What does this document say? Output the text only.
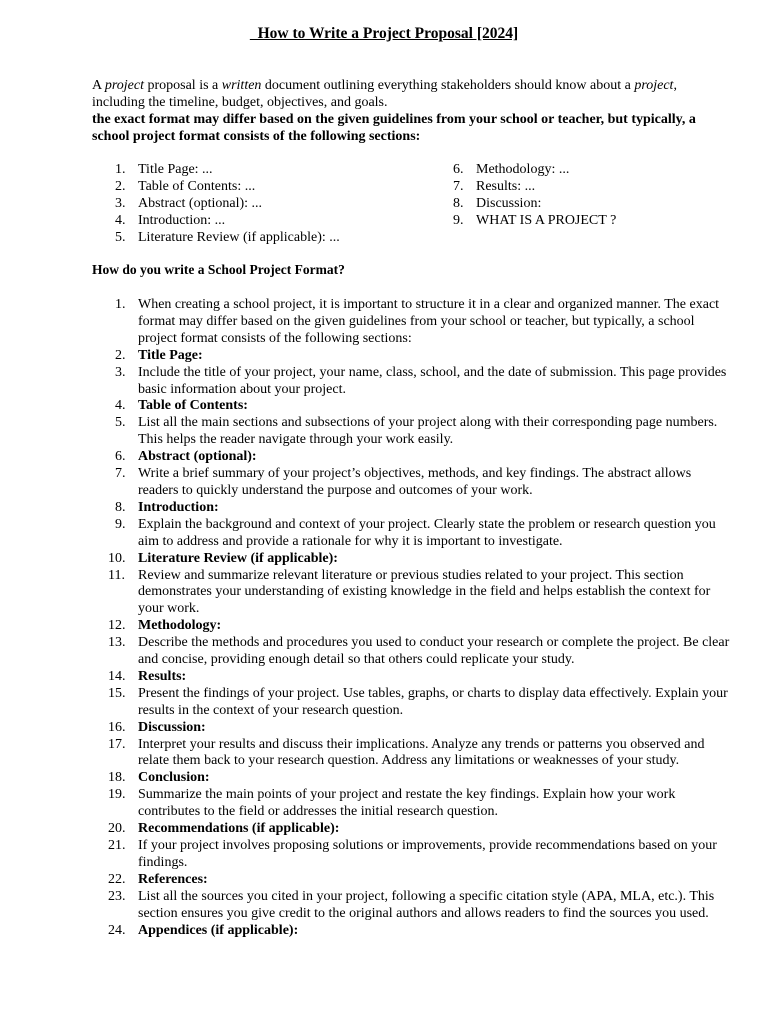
How to Write a Project Proposal [2024]

A project proposal is a written document outlining everything stakeholders should know about a project, including the timeline, budget, objectives, and goals.

the exact format may differ based on the given guidelines from your school or teacher, but typically, a school project format consists of the following sections:

1. Title Page: ...
2. Table of Contents: ...
3. Abstract (optional): ...
4. Introduction: ...
5. Literature Review (if applicable): ...
6. Methodology: ...
7. Results: ...
8. Discussion:
9. WHAT IS A PROJECT ?
How do you write a School Project Format?
1. When creating a school project, it is important to structure it in a clear and organized manner. The exact format may differ based on the given guidelines from your school or teacher, but typically, a school project format consists of the following sections:
2. Title Page:
3. Include the title of your project, your name, class, school, and the date of submission. This page provides basic information about your project.
4. Table of Contents:
5. List all the main sections and subsections of your project along with their corresponding page numbers. This helps the reader navigate through your work easily.
6. Abstract (optional):
7. Write a brief summary of your project’s objectives, methods, and key findings. The abstract allows readers to quickly understand the purpose and outcomes of your work.
8. Introduction:
9. Explain the background and context of your project. Clearly state the problem or research question you aim to address and provide a rationale for why it is important to investigate.
10. Literature Review (if applicable):
11. Review and summarize relevant literature or previous studies related to your project. This section demonstrates your understanding of existing knowledge in the field and helps establish the context for your work.
12. Methodology:
13. Describe the methods and procedures you used to conduct your research or complete the project. Be clear and concise, providing enough detail so that others could replicate your study.
14. Results:
15. Present the findings of your project. Use tables, graphs, or charts to display data effectively. Explain your results in the context of your research question.
16. Discussion:
17. Interpret your results and discuss their implications. Analyze any trends or patterns you observed and relate them back to your research question. Address any limitations or weaknesses of your study.
18. Conclusion:
19. Summarize the main points of your project and restate the key findings. Explain how your work contributes to the field or addresses the initial research question.
20. Recommendations (if applicable):
21. If your project involves proposing solutions or improvements, provide recommendations based on your findings.
22. References:
23. List all the sources you cited in your project, following a specific citation style (APA, MLA, etc.). This section ensures you give credit to the original authors and allows readers to find the sources you used.
24. Appendices (if applicable):
